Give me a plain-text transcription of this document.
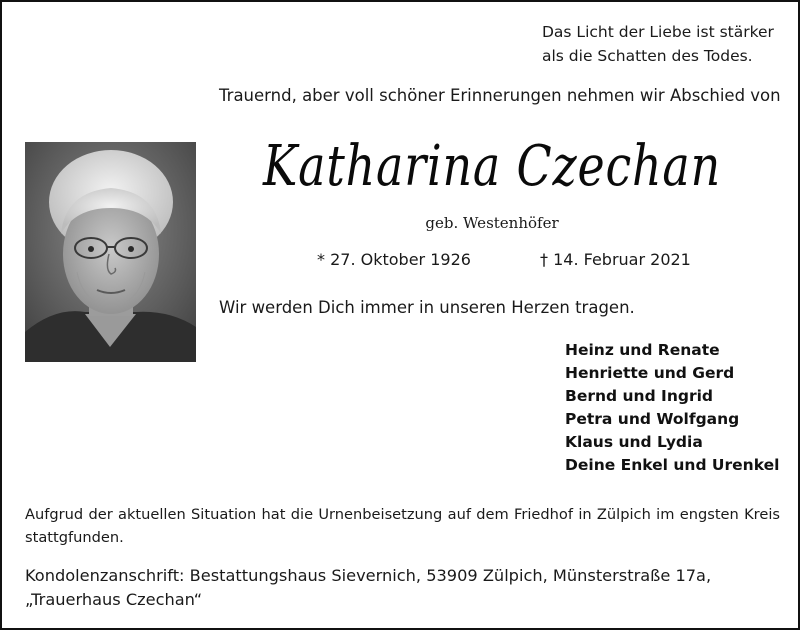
Das Licht der Liebe ist stärker
als die Schatten des Todes.
Trauernd, aber voll schöner Erinnerungen nehmen wir Abschied von
Katharina Czechan
geb. Westenhöfer
* 27. Oktober 1926	† 14. Februar 2021
Wir werden Dich immer in unseren Herzen tragen.
Heinz und Renate
Henriette und Gerd
Bernd und Ingrid
Petra und Wolfgang
Klaus und Lydia
Deine Enkel und Urenkel
Aufgrud der aktuellen Situation hat die Urnenbeisetzung auf dem Friedhof in Zülpich im engsten Kreis stattgfunden.
Kondolenzanschrift: Bestattungshaus Sievernich, 53909 Zülpich, Münsterstraße 17a,
„Trauerhaus Czechan“
